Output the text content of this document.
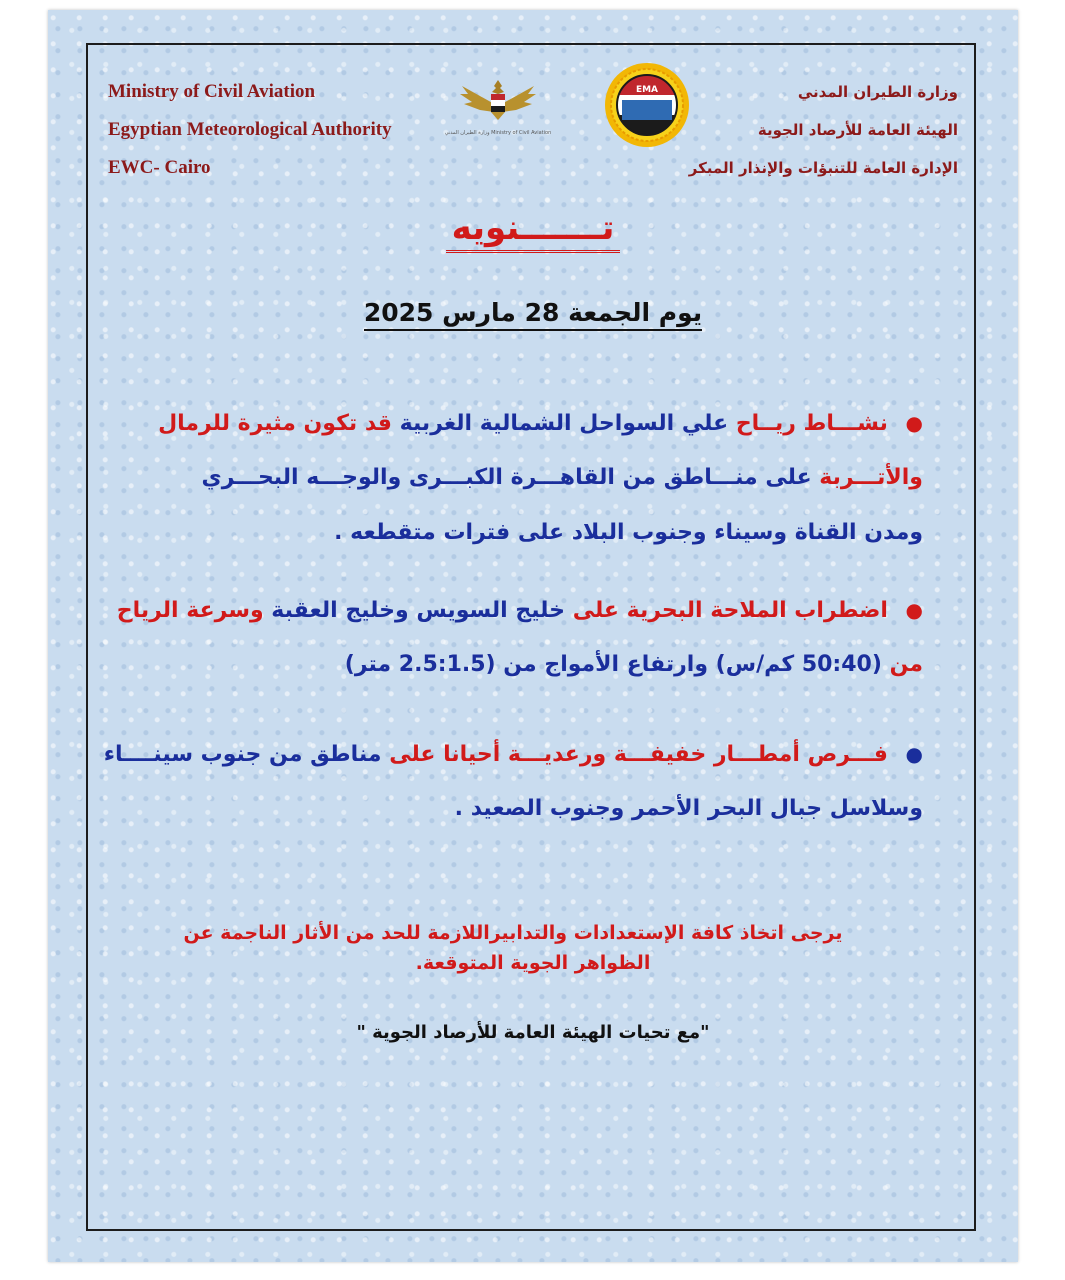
Ministry of Civil Aviation
Egyptian Meteorological Authority
EWC- Cairo
وزارة الطيران المدني Ministry of Civil Aviation
EMA	وزارة الطيران المدني
الهيئة العامة للأرصاد الجوية
الإدارة العامة للتنبؤات والإنذار المبكر
تـــــــنويه
يوم الجمعة 28 مارس 2025
● نشـــاط ريــاح علي السواحل الشمالية الغربية قد تكون مثيرة للرمال
والأتـــربة على منـــاطق من القاهـــرة الكبـــرى والوجـــه البحـــري
ومدن القناة وسيناء وجنوب البلاد على فترات متقطعه .
● اضطراب الملاحة البحرية على خليج السويس وخليج العقبة وسرعة الرياح
من (50:40 كم/س) وارتفاع الأمواج من (2.5:1.5 متر)
● فـــرص أمطـــار خفيفـــة ورعديـــة أحيانا على مناطق من جنوب سينــــاء
وسلاسل جبال البحر الأحمر وجنوب الصعيد .
يرجى اتخاذ كافة الإستعدادات والتدابيراللازمة للحد من الأثار الناجمة عن
الظواهر الجوية المتوقعة.
"مع تحيات الهيئة العامة للأرصاد الجوية "
